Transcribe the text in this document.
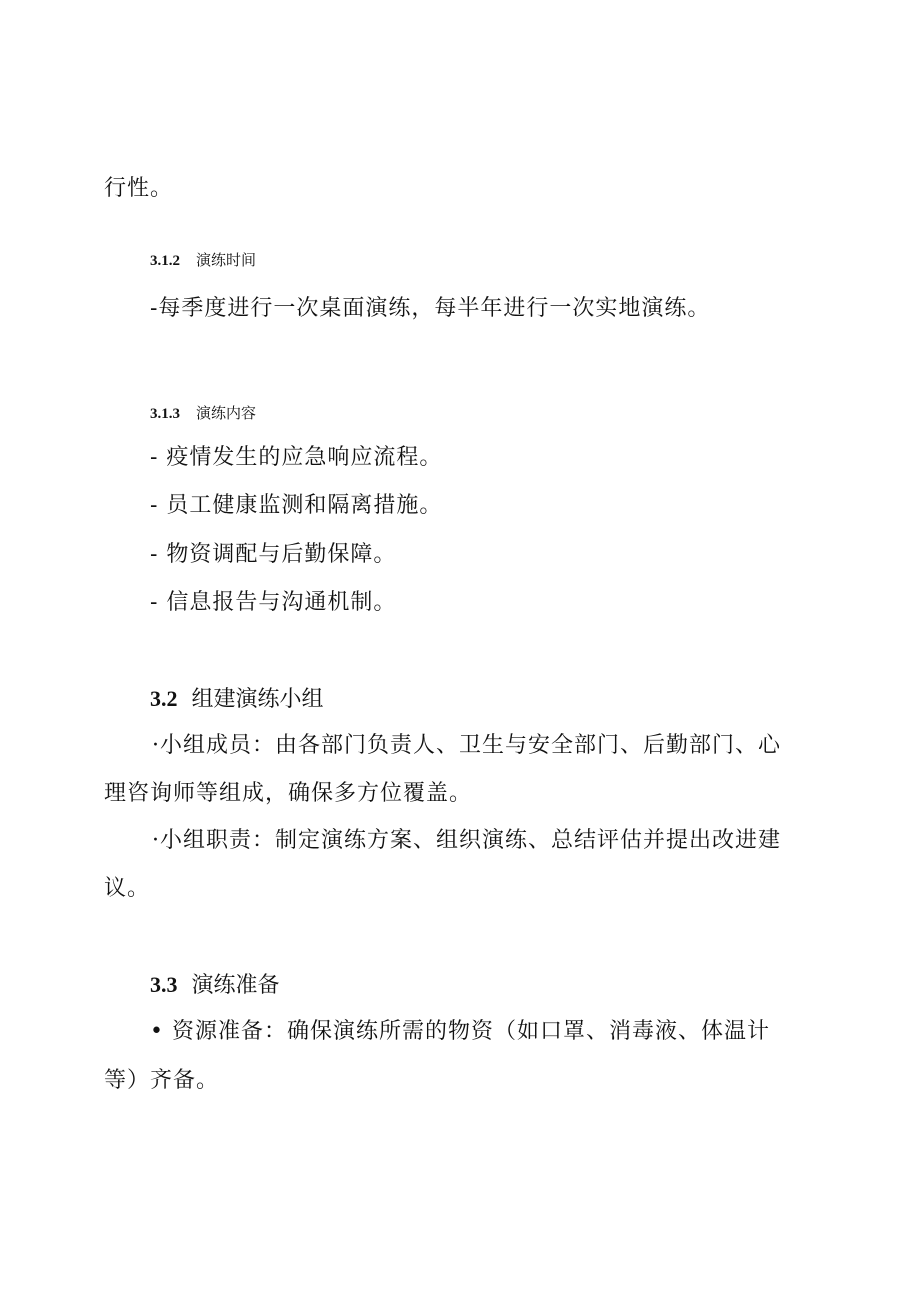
行性。
3.1.2 演练时间
-每季度进行一次桌面演练，每半年进行一次实地演练。
3.1.3 演练内容
- 疫情发生的应急响应流程。
- 员工健康监测和隔离措施。
- 物资调配与后勤保障。
- 信息报告与沟通机制。
3.2 组建演练小组
·小组成员：由各部门负责人、卫生与安全部门、后勤部门、心
理咨询师等组成，确保多方位覆盖。
·小组职责：制定演练方案、组织演练、总结评估并提出改进建
议。
3.3 演练准备
• 资源准备：确保演练所需的物资（如口罩、消毒液、体温计
等）齐备。
